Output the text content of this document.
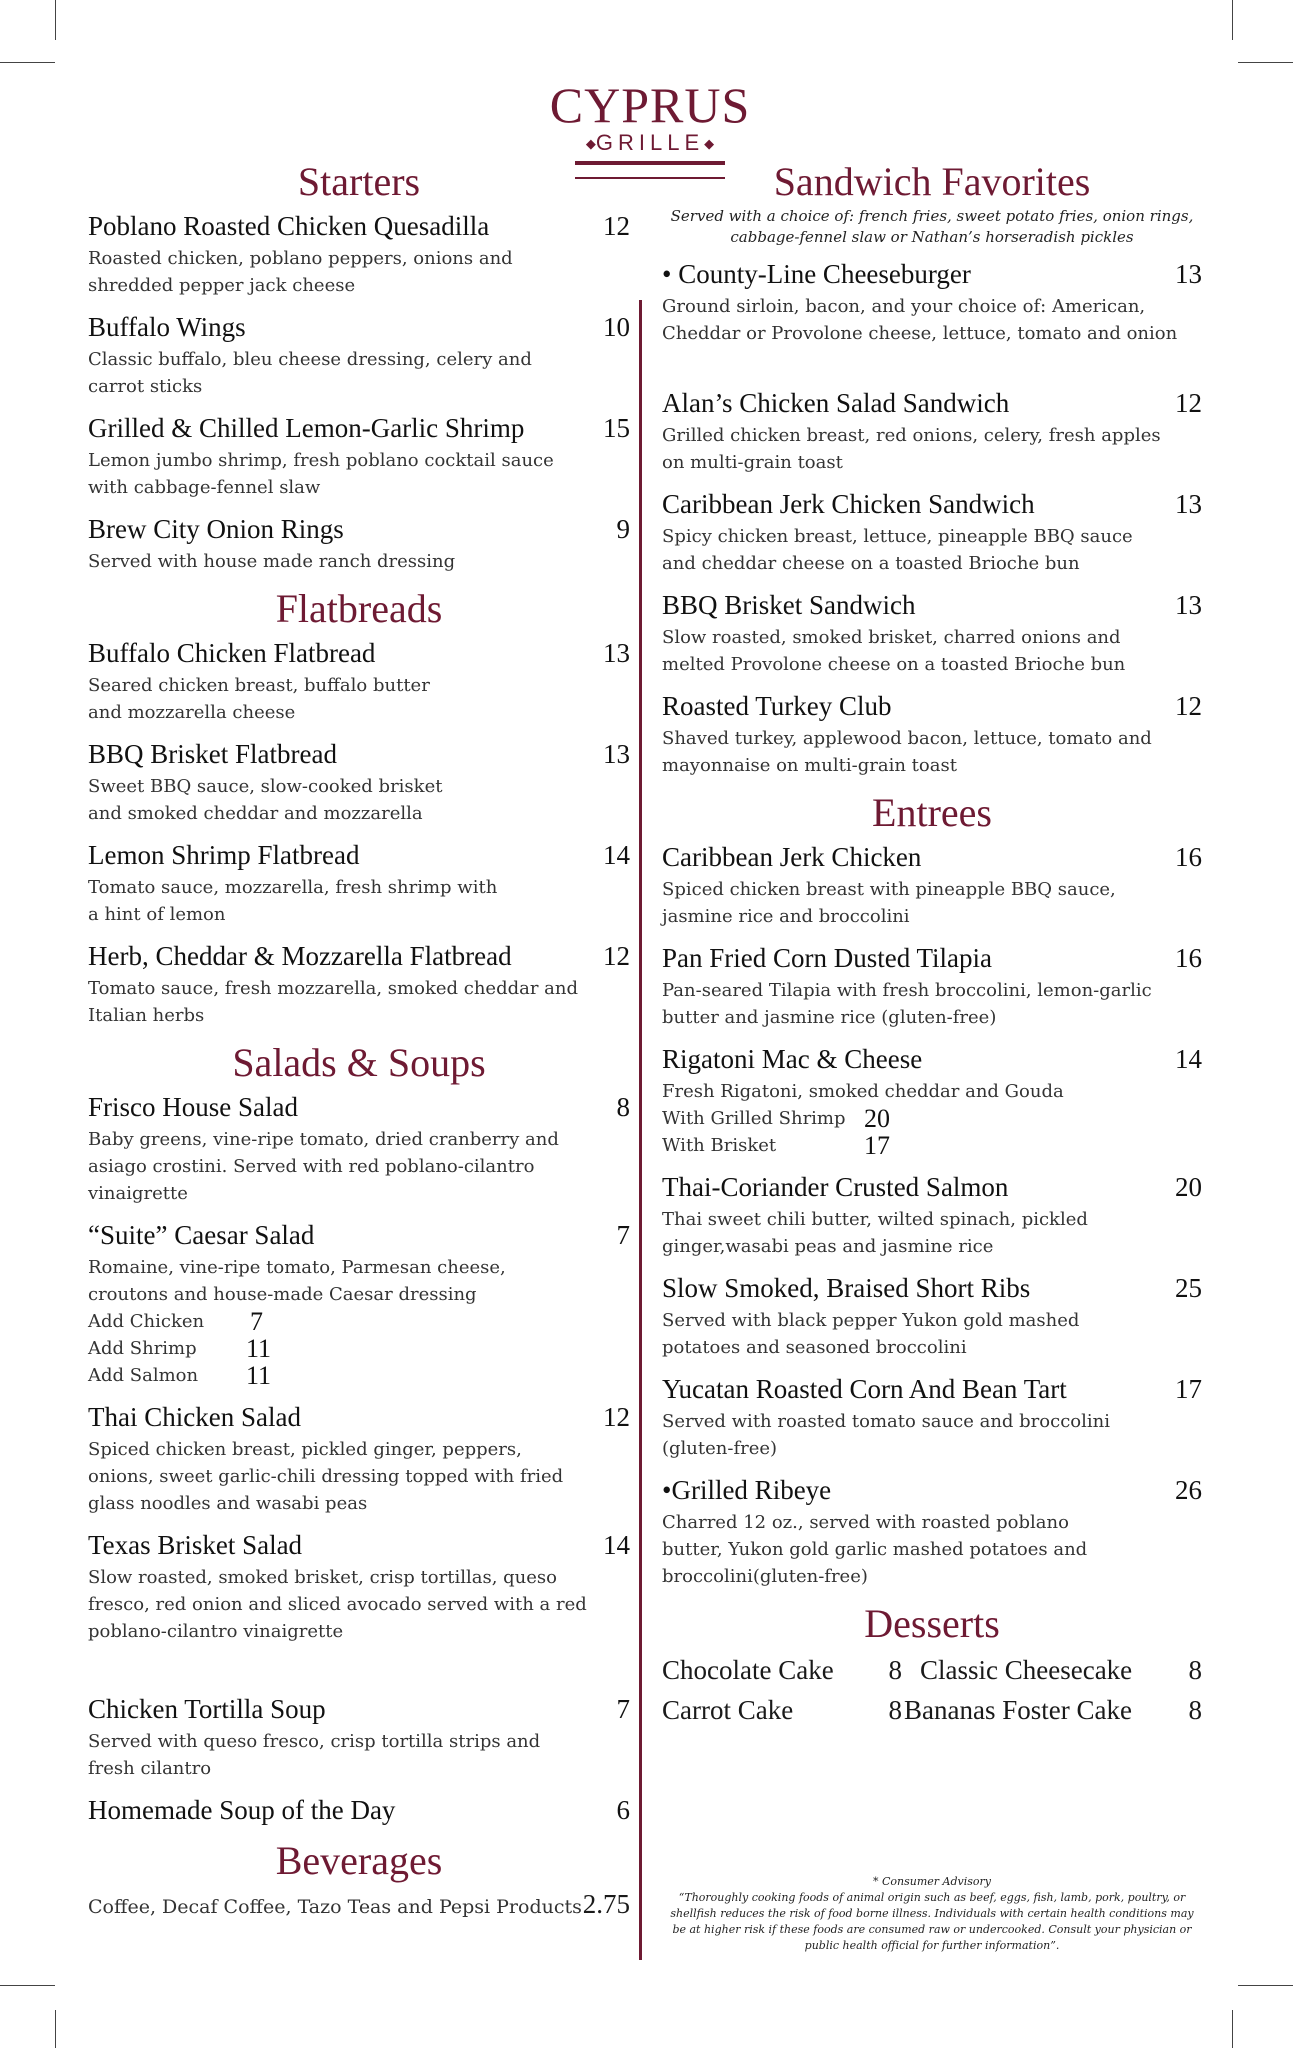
CYPRUS
◆GRILLE◆
Starters
Poblano Roasted Chicken Quesadilla	12
Roasted chicken, poblano peppers, onions and shredded pepper jack cheese
Buffalo Wings	10
Classic buffalo, bleu cheese dressing, celery and carrot sticks
Grilled & Chilled Lemon-Garlic Shrimp	15
Lemon jumbo shrimp, fresh poblano cocktail sauce with cabbage-fennel slaw
Brew City Onion Rings	9
Served with house made ranch dressing
Flatbreads
Buffalo Chicken Flatbread	13
Seared chicken breast, buffalo butter and mozzarella cheese
BBQ Brisket Flatbread	13
Sweet BBQ sauce, slow-cooked brisket and smoked cheddar and mozzarella
Lemon Shrimp Flatbread	14
Tomato sauce, mozzarella, fresh shrimp with a hint of lemon
Herb, Cheddar & Mozzarella Flatbread	12
Tomato sauce, fresh mozzarella, smoked cheddar and Italian herbs
Salads & Soups
Frisco House Salad	8
Baby greens, vine-ripe tomato, dried cranberry and asiago crostini. Served with red poblano-cilantro vinaigrette
“Suite” Caesar Salad	7
Romaine, vine-ripe tomato, Parmesan cheese, croutons and house-made Caesar dressing
Add Chicken	7
Add Shrimp	11
Add Salmon	11
Thai Chicken Salad	12
Spiced chicken breast, pickled ginger, peppers, onions, sweet garlic-chili dressing topped with fried glass noodles and wasabi peas
Texas Brisket Salad	14
Slow roasted, smoked brisket, crisp tortillas, queso fresco, red onion and sliced avocado served with a red poblano-cilantro vinaigrette
Chicken Tortilla Soup	7
Served with queso fresco, crisp tortilla strips and fresh cilantro
Homemade Soup of the Day	6
Beverages
Coffee, Decaf Coffee, Tazo Teas and Pepsi Products 2.75
Sandwich Favorites
Served with a choice of: french fries, sweet potato fries, onion rings, cabbage-fennel slaw or Nathan’s horseradish pickles
• County-Line Cheeseburger	13
Ground sirloin, bacon, and your choice of: American, Cheddar or Provolone cheese, lettuce, tomato and onion
Alan’s Chicken Salad Sandwich	12
Grilled chicken breast, red onions, celery, fresh apples on multi-grain toast
Caribbean Jerk Chicken Sandwich	13
Spicy chicken breast, lettuce, pineapple BBQ sauce and cheddar cheese on a toasted Brioche bun
BBQ Brisket Sandwich	13
Slow roasted, smoked brisket, charred onions and melted Provolone cheese on a toasted Brioche bun
Roasted Turkey Club	12
Shaved turkey, applewood bacon, lettuce, tomato and mayonnaise on multi-grain toast
Entrees
Caribbean Jerk Chicken	16
Spiced chicken breast with pineapple BBQ sauce, jasmine rice and broccolini
Pan Fried Corn Dusted Tilapia	16
Pan-seared Tilapia with fresh broccolini, lemon-garlic butter and jasmine rice (gluten-free)
Rigatoni Mac & Cheese	14
Fresh Rigatoni, smoked cheddar and Gouda
With Grilled Shrimp 20
With Brisket	17
Thai-Coriander Crusted Salmon	20
Thai sweet chili butter, wilted spinach, pickled ginger,wasabi peas and jasmine rice
Slow Smoked, Braised Short Ribs	25
Served with black pepper Yukon gold mashed potatoes and seasoned broccolini
Yucatan Roasted Corn And Bean Tart	17
Served with roasted tomato sauce and broccolini (gluten-free)
•Grilled Ribeye	26
Charred 12 oz., served with roasted poblano butter, Yukon gold garlic mashed potatoes and broccolini(gluten-free)
Desserts
Chocolate Cake 8 Classic Cheesecake 8
Carrot Cake	8 Bananas Foster Cake 8
* Consumer Advisory
“Thoroughly cooking foods of animal origin such as beef, eggs, fish, lamb, pork, poultry, or shellfish reduces the risk of food borne illness. Individuals with certain health conditions may be at higher risk if these foods are consumed raw or undercooked. Consult your physician or public health official for further information”.
